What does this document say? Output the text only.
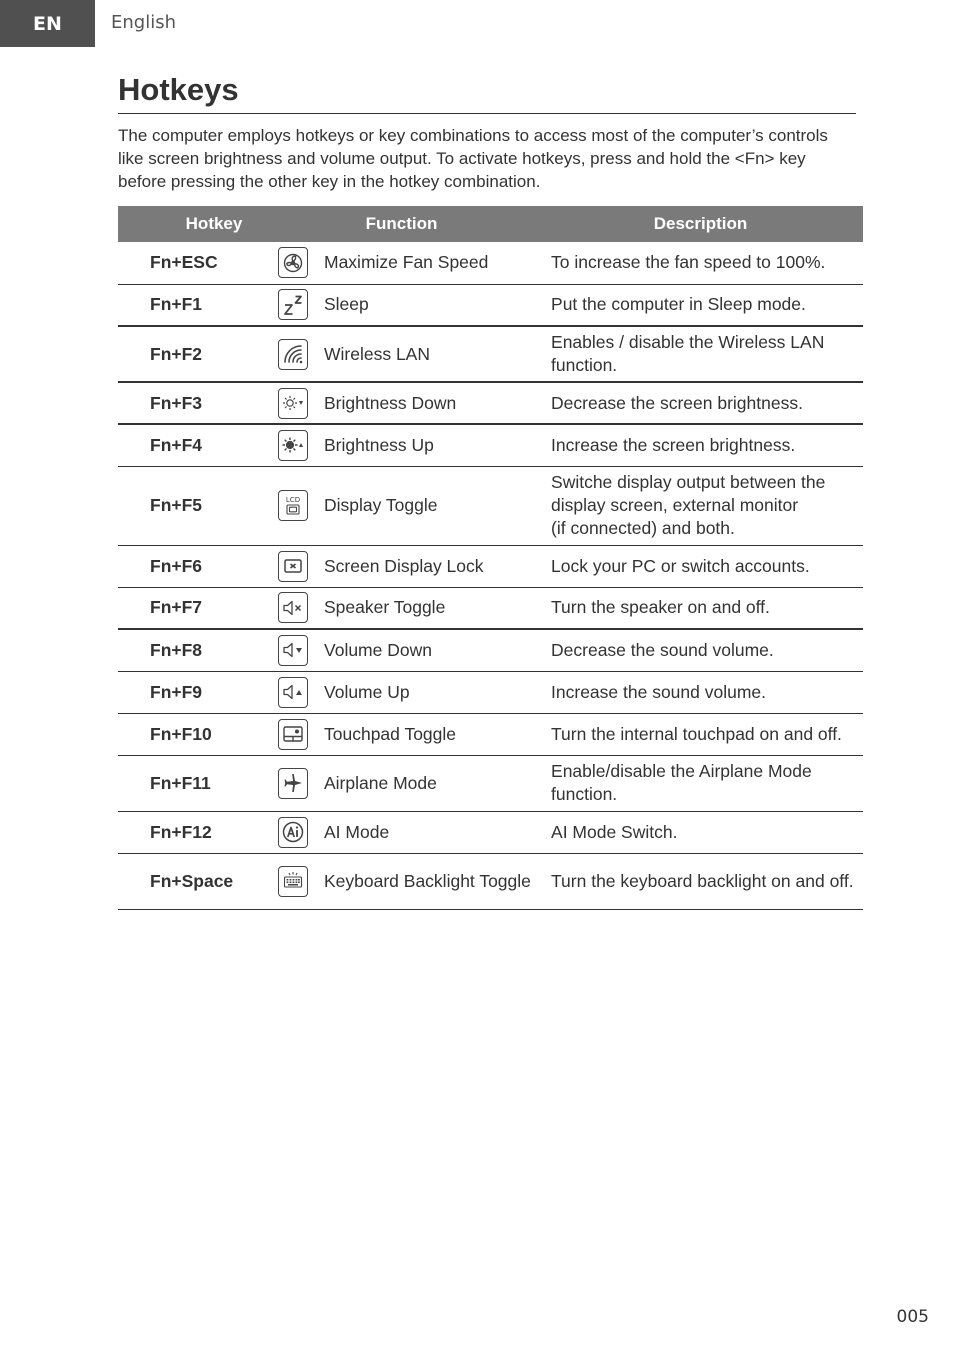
EN	English
Hotkeys

The computer employs hotkeys or key combinations to access most of the computer’s controls like screen brightness and volume output. To activate hotkeys, press and hold the <Fn> key before pressing the other key in the hotkey combination.

Hotkey	Function		Description
Fn+ESC		Maximize Fan Speed	To increase the fan speed to 100%.
Fn+F1		Sleep	Put the computer in Sleep mode.
Fn+F2		Wireless LAN	Enables / disable the Wireless LAN function.
Fn+F3		Brightness Down	Decrease the screen brightness.
Fn+F4		Brightness Up	Increase the screen brightness.
Fn+F5	LCD	Display Toggle	Switche display output between the
display screen, external monitor
(if connected) and both.
Fn+F6		Screen Display Lock	Lock your PC or switch accounts.
Fn+F7		Speaker Toggle	Turn the speaker on and off.
Fn+F8		Volume Down	Decrease the sound volume.
Fn+F9		Volume Up	Increase the sound volume.
Fn+F10		Touchpad Toggle	Turn the internal touchpad on and off.
Fn+F11		Airplane Mode	Enable/disable the Airplane Mode function.
Fn+F12		AI Mode	AI Mode Switch.
Fn+Space		Keyboard Backlight Toggle	Turn the keyboard backlight on and off.
005
